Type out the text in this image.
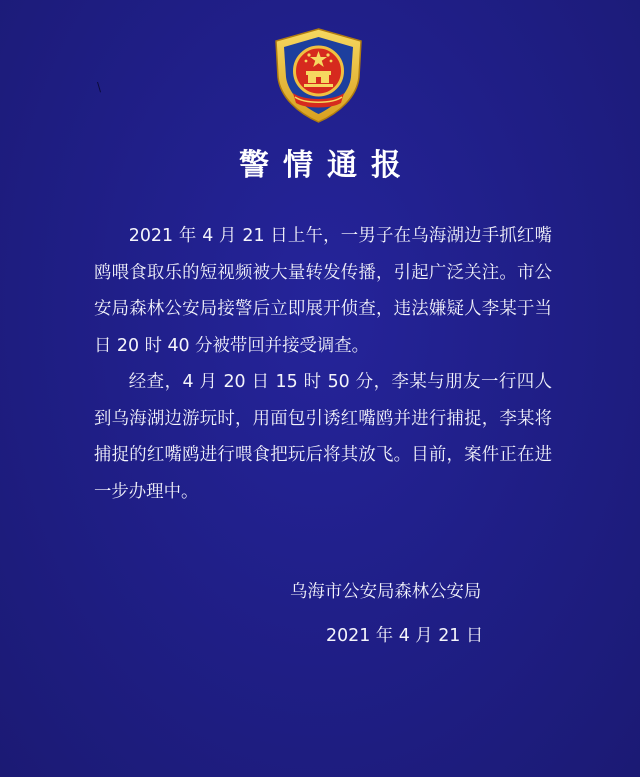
\
警情通报

2021 年 4 月 21 日上午，一男子在乌海湖边手抓红嘴鸥喂食取乐的短视频被大量转发传播，引起广泛关注。市公安局森林公安局接警后立即展开侦查，违法嫌疑人李某于当日 20 时 40 分被带回并接受调查。

经查，4 月 20 日 15 时 50 分，李某与朋友一行四人到乌海湖边游玩时，用面包引诱红嘴鸥并进行捕捉，李某将捕捉的红嘴鸥进行喂食把玩后将其放飞。目前，案件正在进一步办理中。

乌海市公安局森林公安局
2021 年 4 月 21 日
